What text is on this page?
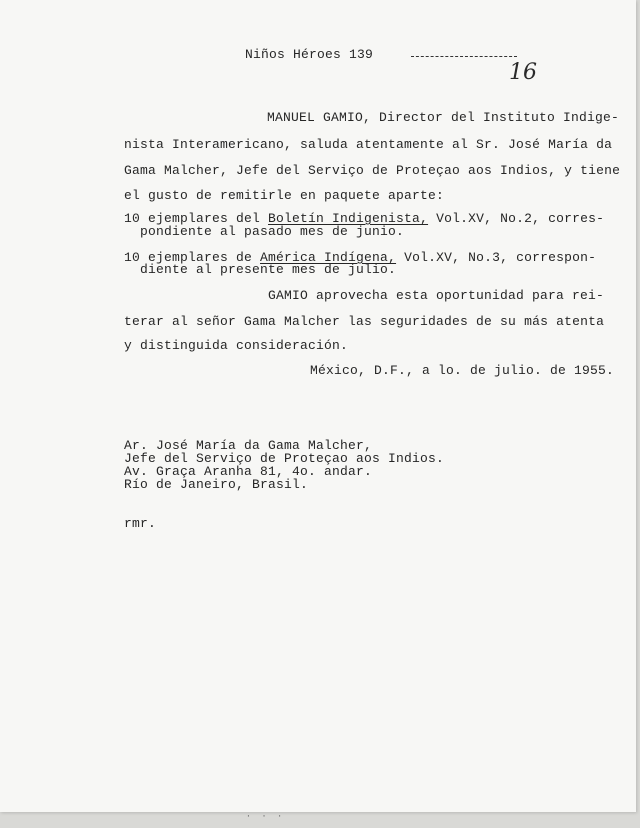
Niños Héroes 139
16
MANUEL GAMIO, Director del Instituto Indige-
nista Interamericano, saluda atentamente al Sr. José María da
Gama Malcher, Jefe del Serviço de Proteçao aos Indios, y tiene
el gusto de remitirle en paquete aparte:
10 ejemplares del Boletín Indigenista, Vol.XV, No.2, corres-
pondiente al pasado mes de junio.
10 ejemplares de América Indígena, Vol.XV, No.3, correspon-
diente al presente mes de julio.
GAMIO aprovecha esta oportunidad para rei-
terar al señor Gama Malcher las seguridades de su más atenta
y distinguida consideración.
México, D.F., a lo. de julio. de 1955.
Ar. José María da Gama Malcher,
Jefe del Serviço de Proteçao aos Indios.
Av. Graça Aranha 81, 4o. andar.
Río de Janeiro, Brasil.
rmr.
· · ·
